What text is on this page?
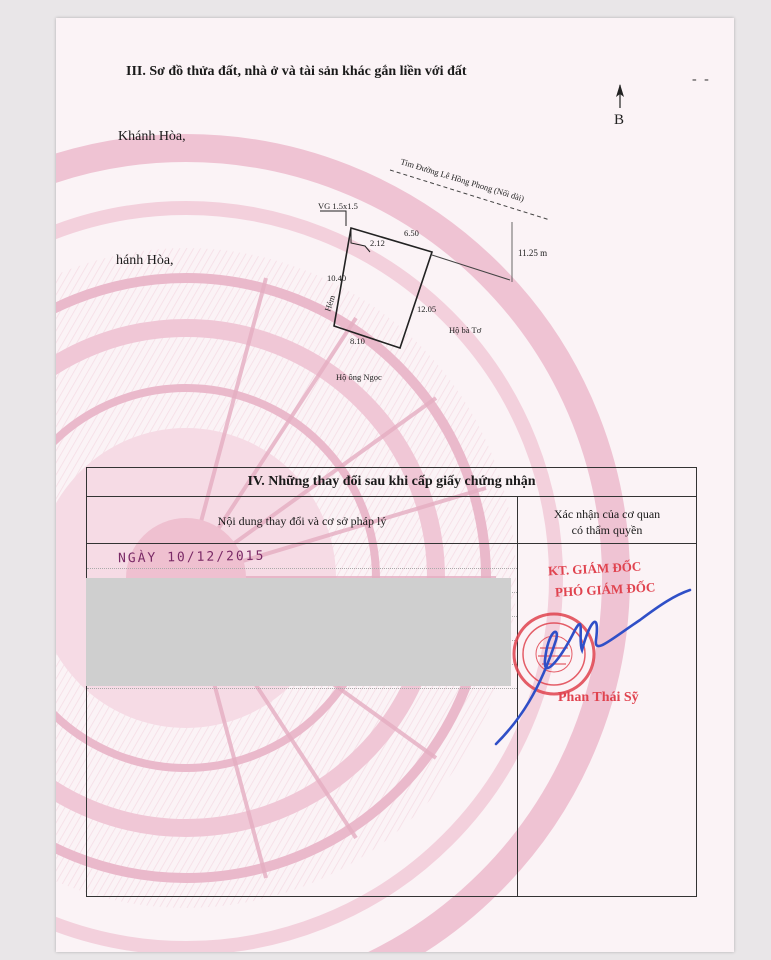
III. Sơ đồ thửa đất, nhà ở và tài sản khác gắn liền với đất
Khánh Hòa,
hánh Hòa,
- -
B
Tim Đường Lê Hồng Phong (Nối dài)
11.25 m
VG 1.5x1.5
2.12
6.50
10.40
12.05
8.10
Hẻm
Hộ bà Tơ
Hộ ông Ngọc
IV. Những thay đổi sau khi cấp giấy chứng nhận
Nội dung thay đổi và cơ sở pháp lý	Xác nhận của cơ quan
có thẩm quyền
NGÀY 10/12/2015
KT. GIÁM ĐỐC
PHÓ GIÁM ĐỐC
Phan Thái Sỹ
